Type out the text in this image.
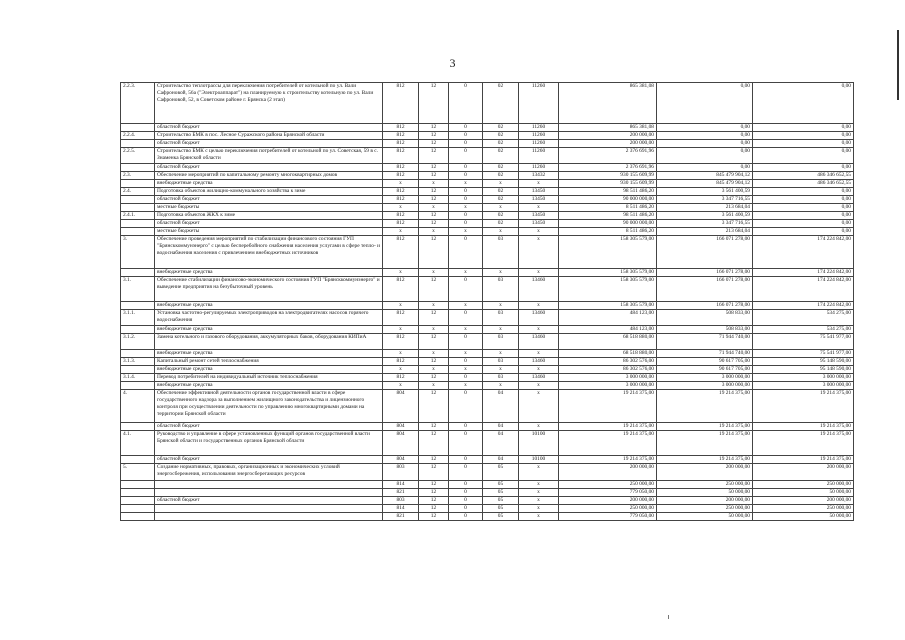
3
2.2.3.	Строительство теплотрассы для переключения потребителей от котельной по ул. Вали Сафроновой, 56а ("Электроаппарат") на планируемую к строительству котельную по ул. Вали Сафроновой, 52, в Советском районе г. Брянска (2 этап)	812	12	0	02	11260	865 381,08	0,00	0,00
	областной бюджет	812	12	0	02	11260	865 381,08	0,00	0,00
2.2.4.	Строительство БМК в пос. Лесное Суражского района Брянской области	812	12	0	02	11260	200 000,00	0,00	0,00
	областной бюджет	812	12	0	02	11260	200 000,00	0,00	0,00
2.2.5.	Строительство БМК с целью переключения потребителей от котельной по ул. Советская, 59 в с. Знаменка Брянской области	812	12	0	02	11260	2 376 691,96	0,00	0,00
	областной бюджет	812	12	0	02	11260	2 376 691,96	0,00	0,00
2.3.	Обеспечение мероприятий по капитальному ремонту многоквартирных домов	812	12	0	02	13432	930 155 609,99	845 479 904,12	486 346 652,55
	внебюджетные средства	x	x	x	x	x	930 155 609,99	845 479 904,12	486 346 652,55
2.4.	Подготовка объектов жилищно-коммунального хозяйства к зиме	812	12	0	02	13450	98 511 486,20	3 561 400,59	0,00
	областной бюджет	812	12	0	02	13450	90 000 000,00	3 347 716,55	0,00
	местные бюджеты	x	x	x	x	x	8 511 486,20	213 684,04	0,00
2.4.1.	Подготовка объектов ЖКХ к зиме	812	12	0	02	13450	98 511 486,20	3 561 400,59	0,00
	областной бюджет	812	12	0	02	13450	90 000 000,00	3 347 716,55	0,00
	местные бюджеты	x	x	x	x	x	8 511 486,20	213 684,04	0,00
3.	Обеспечение проведения мероприятий по стабилизации финансового состояния ГУП "Брянсккоммунэнерго" с целью бесперебойного снабжения населения услугами в сфере тепло- и водоснабжения населения с привлечением внебюджетных источников	812	12	0	03	x	158 305 579,00	166 071 278,00	174 224 842,00
	внебюджетные средства	x	x	x	x	x	158 305 579,00	166 071 278,00	174 224 842,00
3.1.	Обеспечение стабилизации финансово-экономического состояния ГУП "Брянсккоммунэнерго" и выведение предприятия на безубыточный уровень	812	12	0	03	13460	158 305 579,00	166 071 278,00	174 224 842,00
	внебюджетные средства	x	x	x	x	x	158 305 579,00	166 071 278,00	174 224 842,00
3.1.1.	Установка частотно-регулируемых электроприводов на электродвигателях насосов горячего водоснабжения	812	12	0	03	13460	484 123,00	508 833,00	534 275,00
	внебюджетные средства	x	x	x	x	x	484 123,00	508 833,00	534 275,00
3.1.2.	Замена котельного и газового оборудования, аккумуляторных баков, оборудования КИПиА	812	12	0	03	13460	68 518 880,00	71 944 740,00	75 541 977,00
	внебюджетные средства	x	x	x	x	x	68 518 880,00	71 944 740,00	75 541 977,00
3.1.3.	Капитальный ремонт сетей теплоснабжения	812	12	0	03	13460	86 302 576,00	90 617 705,00	95 148 590,00
	внебюджетные средства	x	x	x	x	x	86 302 576,00	90 617 705,00	95 148 590,00
3.1.4.	Перевод потребителей на индивидуальный источник теплоснабжения	812	12	0	03	13460	3 000 000,00	3 000 000,00	3 000 000,00
	внебюджетные средства	x	x	x	x	x	3 000 000,00	3 000 000,00	3 000 000,00
4.	Обеспечение эффективной деятельности органов государственной власти в сфере государственного надзора за выполнением жилищного законодательства и лицензионного контроля при осуществлении деятельности по управлению многоквартирными домами на территории Брянской области	804	12	0	04	x	19 214 375,00	19 214 375,00	19 214 375,00
	областной бюджет	804	12	0	04	x	19 214 375,00	19 214 375,00	19 214 375,00
4.1.	Руководство и управление в сфере установленных функций органов государственной власти Брянской области и государственных органов Брянской области	804	12	0	04	10100	19 214 375,00	19 214 375,00	19 214 375,00
	областной бюджет	804	12	0	04	10100	19 214 375,00	19 214 375,00	19 214 375,00
5.	Создание нормативных, правовых, организационных и экономических условий энергосбережения, использования энергосберегающих ресурсов	803	12	0	05	x	200 000,00	200 000,00	200 000,00
		814	12	0	05	x	250 000,00	250 000,00	250 000,00
		821	12	0	05	x	779 050,00	50 000,00	50 000,00
	областной бюджет	803	12	0	05	x	200 000,00	200 000,00	200 000,00
		814	12	0	05	x	250 000,00	250 000,00	250 000,00
		821	12	0	05	x	779 050,00	50 000,00	50 000,00
